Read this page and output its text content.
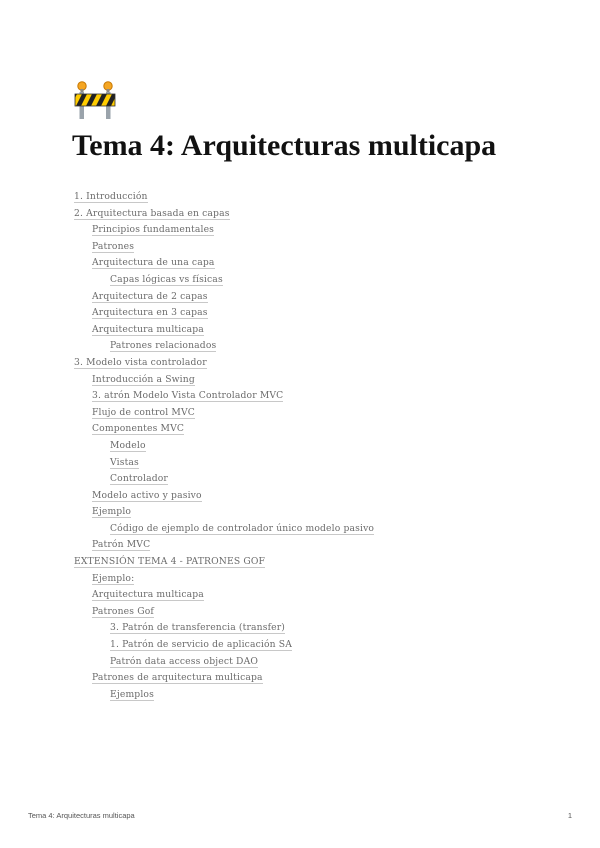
Tema 4: Arquitecturas multicapa
1. Introducción
2. Arquitectura basada en capas
Principios fundamentales
Patrones
Arquitectura de una capa
Capas lógicas vs físicas
Arquitectura de 2 capas
Arquitectura en 3 capas
Arquitectura multicapa
Patrones relacionados
3. Modelo vista controlador
Introducción a Swing
3. atrón Modelo Vista Controlador MVC
Flujo de control MVC
Componentes MVC
Modelo
Vistas
Controlador
Modelo activo y pasivo
Ejemplo
Código de ejemplo de controlador único modelo pasivo
Patrón MVC
EXTENSIÓN TEMA 4 - PATRONES GOF
Ejemplo:
Arquitectura multicapa
Patrones Gof
3. Patrón de transferencia (transfer)
1. Patrón de servicio de aplicación SA
Patrón data access object DAO
Patrones de arquitectura multicapa
Ejemplos
Tema 4: Arquitecturas multicapa	1
